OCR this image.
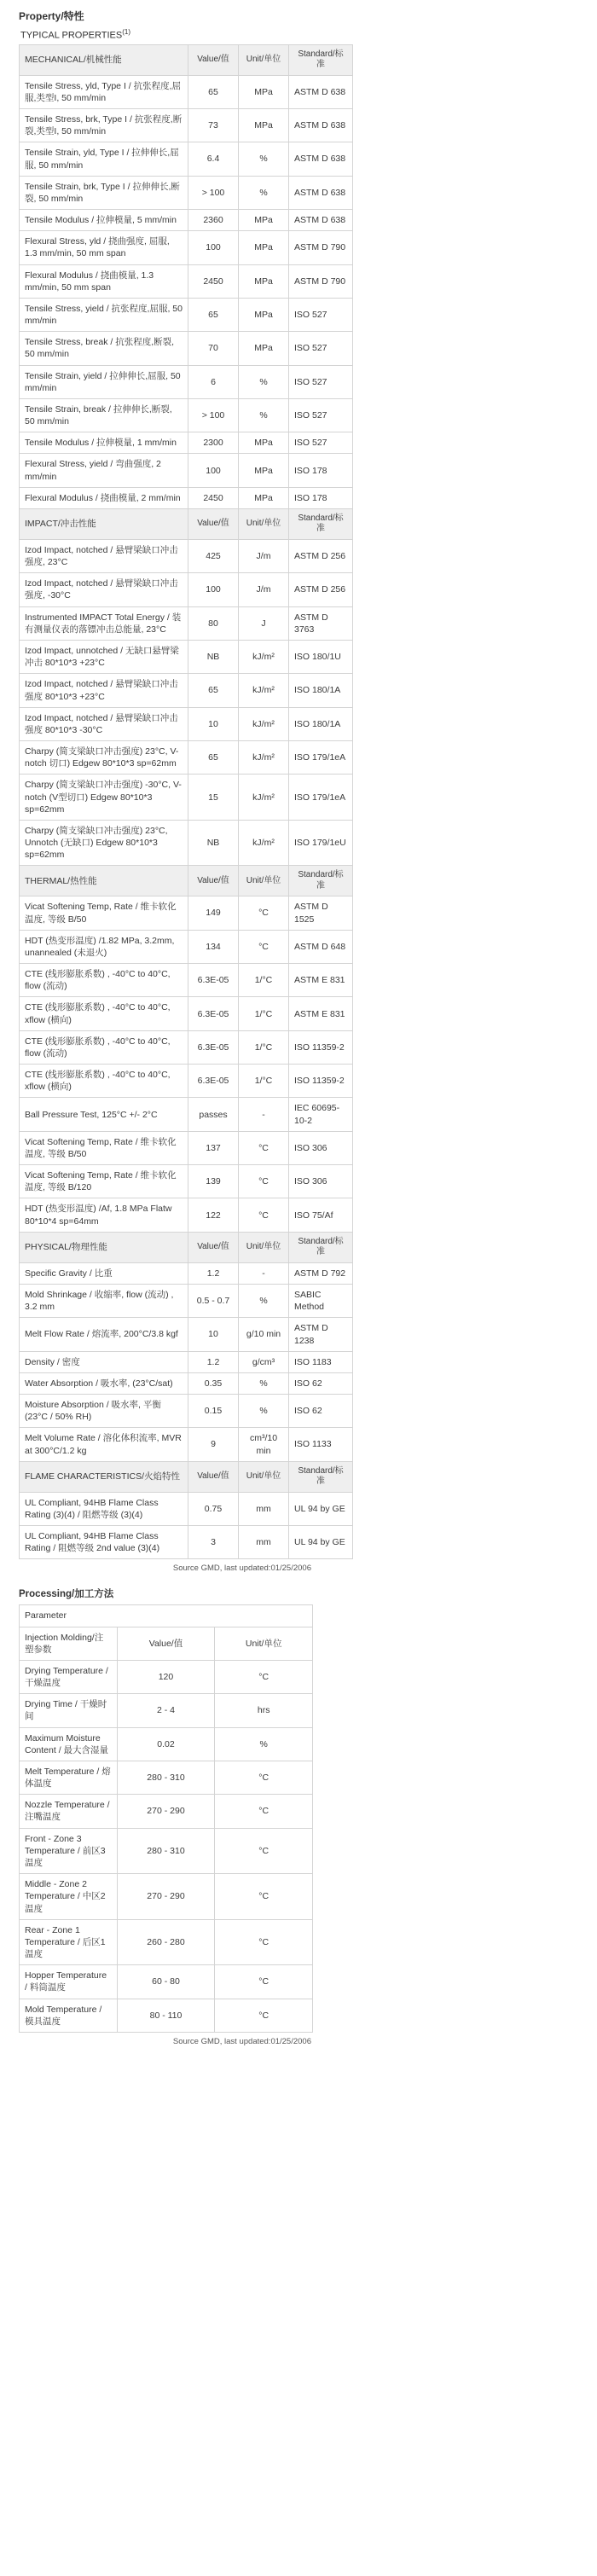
Property/特性
TYPICAL PROPERTIES$^{(1)}$
MECHANICAL/机械性能	Value/值	Unit/单位	Standard/标准
Tensile Stress, yld, Type I / 抗张程度,屈服,类型I, 50 mm/min	65	MPa	ASTM D 638
Tensile Stress, brk, Type I / 抗张程度,断裂,类型I, 50 mm/min	73	MPa	ASTM D 638
Tensile Strain, yld, Type I / 拉伸伸长,屈服, 50 mm/min	6.4	%	ASTM D 638
Tensile Strain, brk, Type I / 拉伸伸长,断裂, 50 mm/min	> 100	%	ASTM D 638
Tensile Modulus / 拉伸模量, 5 mm/min	2360	MPa	ASTM D 638
Flexural Stress, yld / 挠曲强度, 屈服, 1.3 mm/min, 50 mm span	100	MPa	ASTM D 790
Flexural Modulus / 挠曲模量, 1.3 mm/min, 50 mm span	2450	MPa	ASTM D 790
Tensile Stress, yield / 抗张程度,屈服, 50 mm/min	65	MPa	ISO 527
Tensile Stress, break / 抗张程度,断裂, 50 mm/min	70	MPa	ISO 527
Tensile Strain, yield / 拉伸伸长,屈服, 50 mm/min	6	%	ISO 527
Tensile Strain, break / 拉伸伸长,断裂, 50 mm/min	> 100	%	ISO 527
Tensile Modulus / 拉伸模量, 1 mm/min	2300	MPa	ISO 527
Flexural Stress, yield / 弯曲强度, 2 mm/min	100	MPa	ISO 178
Flexural Modulus / 挠曲模量, 2 mm/min	2450	MPa	ISO 178
IMPACT/冲击性能	Value/值	Unit/单位	Standard/标准
Izod Impact, notched / 悬臂梁缺口冲击强度, 23°C	425	J/m	ASTM D 256
Izod Impact, notched / 悬臂梁缺口冲击强度, -30°C	100	J/m	ASTM D 256
Instrumented IMPACT Total Energy / 装有测量仪表的落镖冲击总能量, 23°C	80	J	ASTM D 3763
Izod Impact, unnotched / 无缺口悬臂梁冲击 80*10*3 +23°C	NB	kJ/m²	ISO 180/1U
Izod Impact, notched / 悬臂梁缺口冲击强度 80*10*3 +23°C	65	kJ/m²	ISO 180/1A
Izod Impact, notched / 悬臂梁缺口冲击强度 80*10*3 -30°C	10	kJ/m²	ISO 180/1A
Charpy (简支梁缺口冲击强度) 23°C, V-notch 切口) Edgew 80*10*3 sp=62mm	65	kJ/m²	ISO 179/1eA
Charpy (简支梁缺口冲击强度) -30°C, V-notch (V型切口) Edgew 80*10*3 sp=62mm	15	kJ/m²	ISO 179/1eA
Charpy (简支梁缺口冲击强度) 23°C, Unnotch (无缺口) Edgew 80*10*3 sp=62mm	NB	kJ/m²	ISO 179/1eU
THERMAL/热性能	Value/值	Unit/单位	Standard/标准
Vicat Softening Temp, Rate / 维卡软化温度, 等级 B/50	149	°C	ASTM D 1525
HDT (热变形温度) /1.82 MPa, 3.2mm, unannealed (未退火)	134	°C	ASTM D 648
CTE (线形膨胀系数) , -40°C to 40°C, flow (流动)	6.3E-05	1/°C	ASTM E 831
CTE (线形膨胀系数) , -40°C to 40°C, xflow (横向)	6.3E-05	1/°C	ASTM E 831
CTE (线形膨胀系数) , -40°C to 40°C, flow (流动)	6.3E-05	1/°C	ISO 11359-2
CTE (线形膨胀系数) , -40°C to 40°C, xflow (横向)	6.3E-05	1/°C	ISO 11359-2
Ball Pressure Test, 125°C +/- 2°C	passes	-	IEC 60695-10-2
Vicat Softening Temp, Rate / 维卡软化温度, 等级 B/50	137	°C	ISO 306
Vicat Softening Temp, Rate / 维卡软化温度, 等级 B/120	139	°C	ISO 306
HDT (热变形温度) /Af, 1.8 MPa Flatw 80*10*4 sp=64mm	122	°C	ISO 75/Af
PHYSICAL/物理性能	Value/值	Unit/单位	Standard/标准
Specific Gravity / 比重	1.2	-	ASTM D 792
Mold Shrinkage / 收缩率, flow (流动) , 3.2 mm	0.5 - 0.7	%	SABIC Method
Melt Flow Rate / 熔流率, 200°C/3.8 kgf	10	g/10 min	ASTM D 1238
Density / 密度	1.2	g/cm³	ISO 1183
Water Absorption / 吸水率, (23°C/sat)	0.35	%	ISO 62
Moisture Absorption / 吸水率, 平衡 (23°C / 50% RH)	0.15	%	ISO 62
Melt Volume Rate / 溶化体积流率, MVR at 300°C/1.2 kg	9	cm³/10 min	ISO 1133
FLAME CHARACTERISTICS/火焰特性	Value/值	Unit/单位	Standard/标准
UL Compliant, 94HB Flame Class Rating (3)(4) / 阻燃等级 (3)(4)	0.75	mm	UL 94 by GE
UL Compliant, 94HB Flame Class Rating / 阻燃等级 2nd value (3)(4)	3	mm	UL 94 by GE
Source GMD, last updated:01/25/2006
Processing/加工方法
Parameter		
Injection Molding/注塑参数	Value/值	Unit/单位
Drying Temperature / 干燥温度	120	°C
Drying Time / 干燥时间	2 - 4	hrs
Maximum Moisture Content / 最大含湿量	0.02	%
Melt Temperature / 熔体温度	280 - 310	°C
Nozzle Temperature / 注嘴温度	270 - 290	°C
Front - Zone 3 Temperature / 前区3温度	280 - 310	°C
Middle - Zone 2 Temperature / 中区2温度	270 - 290	°C
Rear - Zone 1 Temperature / 后区1温度	260 - 280	°C
Hopper Temperature / 料筒温度	60 - 80	°C
Mold Temperature / 模具温度	80 - 110	°C
Source GMD, last updated:01/25/2006
